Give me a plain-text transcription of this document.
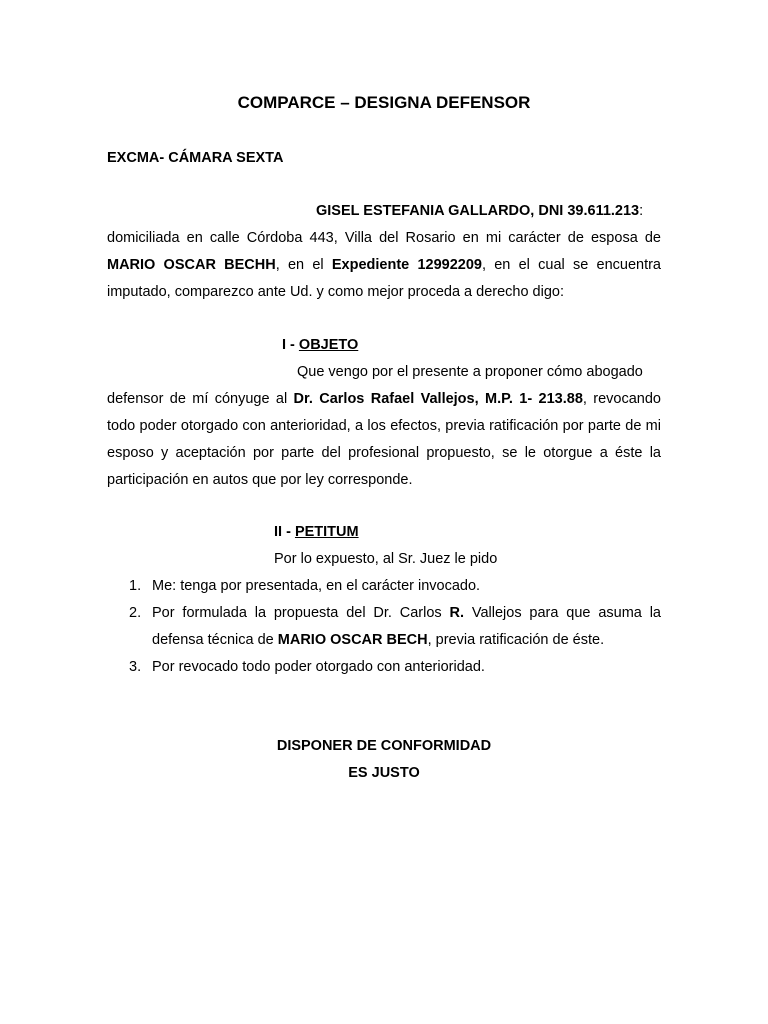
COMPARCE – DESIGNA DEFENSOR
EXCMA- CÁMARA SEXTA
GISEL ESTEFANIA GALLARDO, DNI 39.611.213:
domiciliada en calle Córdoba 443, Villa del Rosario en mi carácter de esposa de MARIO OSCAR BECHH, en el Expediente 12992209, en el cual se encuentra imputado, comparezco ante Ud. y como mejor proceda a derecho digo:
I - OBJETO
Que vengo por el presente a proponer cómo abogado
defensor de mí cónyuge al Dr. Carlos Rafael Vallejos, M.P. 1- 213.88, revocando todo poder otorgado con anterioridad, a los efectos, previa ratificación por parte de mi esposo y aceptación por parte del profesional propuesto, se le otorgue a éste la participación en autos que por ley corresponde.
II - PETITUM
Por lo expuesto, al Sr. Juez le pido
1. Me: tenga por presentada, en el carácter invocado.
2. Por formulada la propuesta del Dr. Carlos R. Vallejos para que asuma la defensa técnica de MARIO OSCAR BECH, previa ratificación de éste.
3. Por revocado todo poder otorgado con anterioridad.
DISPONER DE CONFORMIDAD
ES JUSTO
